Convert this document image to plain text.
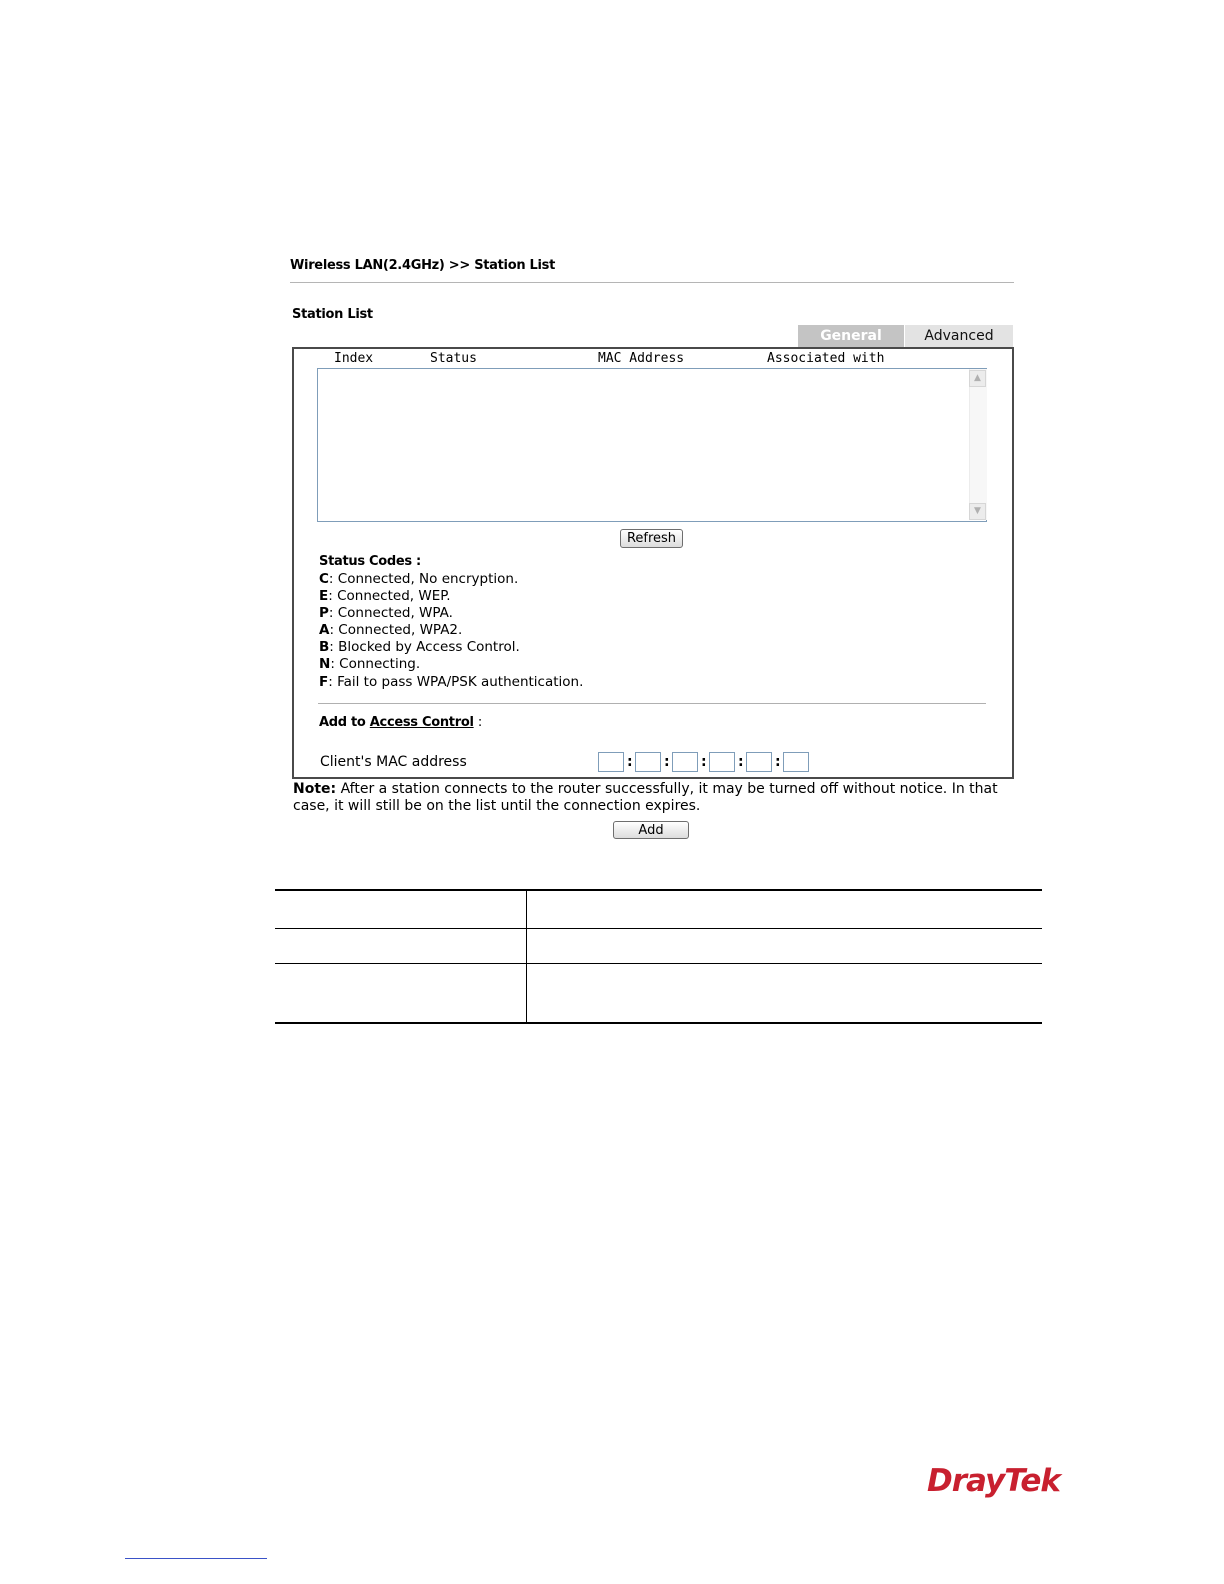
Wireless LAN(2.4GHz) >> Station List
Station List
General	Advanced
Index	Status	MAC Address	Associated with
▲
▼
Refresh
Status Codes :
C: Connected, No encryption.
E: Connected, WEP.
P: Connected, WPA.
A: Connected, WPA2.
B: Blocked by Access Control.
N: Connecting.
F: Fail to pass WPA/PSK authentication.
Add to Access Control :
Client's MAC address	: : : : :
Note: After a station connects to the router successfully, it may be turned off without notice. In that case, it will still be on the list until the connection expires.
Add
DrayTek
